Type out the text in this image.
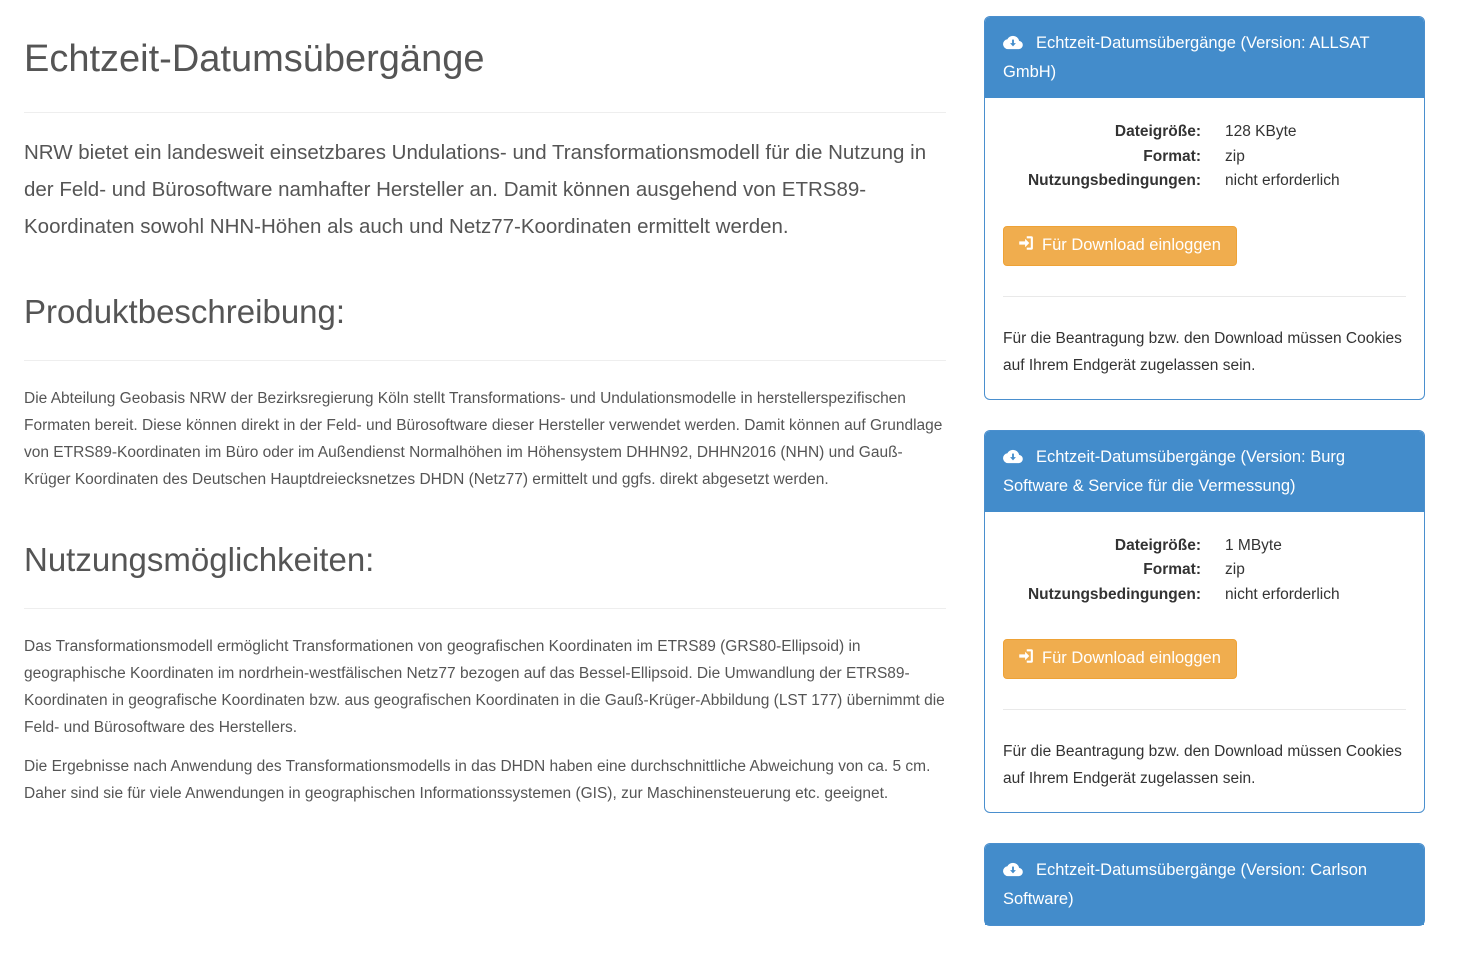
Echtzeit-Datumsübergänge

NRW bietet ein landesweit einsetzbares Undulations- und Transformationsmodell für die Nutzung in der Feld- und Bürosoftware namhafter Hersteller an. Damit können ausgehend von ETRS89-Koordinaten sowohl NHN-Höhen als auch und Netz77-Koordinaten ermittelt werden.

Produktbeschreibung:

Die Abteilung Geobasis NRW der Bezirksregierung Köln stellt Transformations- und Undulationsmodelle in herstellerspezifischen Formaten bereit. Diese können direkt in der Feld- und Bürosoftware dieser Hersteller verwendet werden. Damit können auf Grundlage von ETRS89-Koordinaten im Büro oder im Außendienst Normalhöhen im Höhensystem DHHN92, DHHN2016 (NHN) und Gauß-Krüger Koordinaten des Deutschen Hauptdreiecksnetzes DHDN (Netz77) ermittelt und ggfs. direkt abgesetzt werden.

Nutzungsmöglichkeiten:

Das Transformationsmodell ermöglicht Transformationen von geografischen Koordinaten im ETRS89 (GRS80-Ellipsoid) in geographische Koordinaten im nordrhein-westfälischen Netz77 bezogen auf das Bessel-Ellipsoid. Die Umwandlung der ETRS89-Koordinaten in geografische Koordinaten bzw. aus geografischen Koordinaten in die Gauß-Krüger-Abbildung (LST 177) übernimmt die Feld- und Bürosoftware des Herstellers.

Die Ergebnisse nach Anwendung des Transformationsmodells in das DHDN haben eine durchschnittliche Abweichung von ca. 5 cm. Daher sind sie für viele Anwendungen in geographischen Informationssystemen (GIS), zur Maschinensteuerung etc. geeignet.

Echtzeit-Datumsübergänge (Version: ALLSAT GmbH)
Dateigröße: 128 KByte
Format: zip
Nutzungsbedingungen: nicht erforderlich
Für Download einloggen

Für die Beantragung bzw. den Download müssen Cookies auf Ihrem Endgerät zugelassen sein.

Echtzeit-Datumsübergänge (Version: Burg Software & Service für die Vermessung)
Dateigröße: 1 MByte
Format: zip
Nutzungsbedingungen: nicht erforderlich
Für Download einloggen

Für die Beantragung bzw. den Download müssen Cookies auf Ihrem Endgerät zugelassen sein.

Echtzeit-Datumsübergänge (Version: Carlson Software)
